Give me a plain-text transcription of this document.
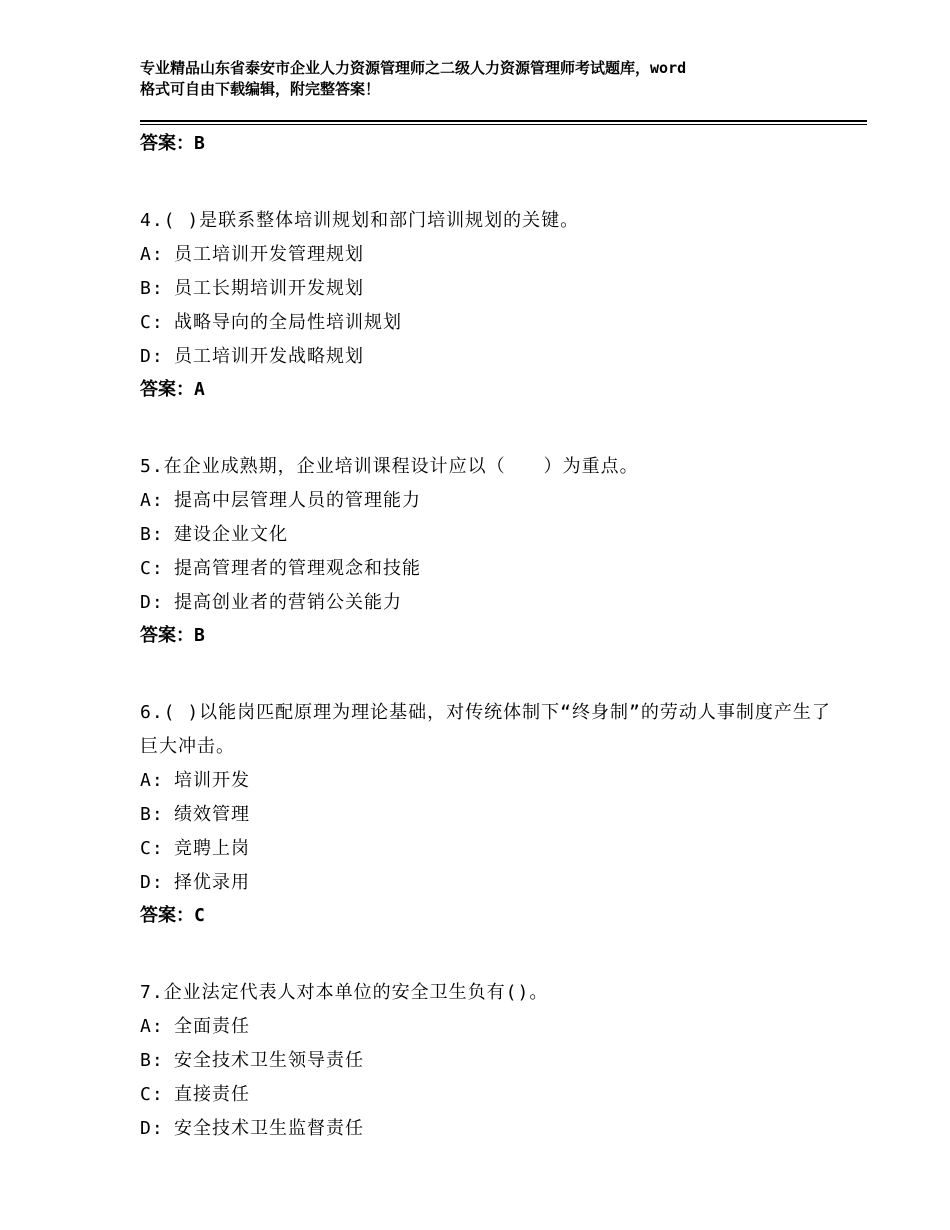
专业精品山东省泰安市企业人力资源管理师之二级人力资源管理师考试题库，word
格式可自由下载编辑，附完整答案！
答案：B
4.( )是联系整体培训规划和部门培训规划的关键。
A: 员工培训开发管理规划
B: 员工长期培训开发规划
C: 战略导向的全局性培训规划
D: 员工培训开发战略规划
答案：A
5.在企业成熟期，企业培训课程设计应以（　　）为重点。
A: 提高中层管理人员的管理能力
B: 建设企业文化
C: 提高管理者的管理观念和技能
D: 提高创业者的营销公关能力
答案：B
6.( )以能岗匹配原理为理论基础，对传统体制下“终身制”的劳动人事制度产生了巨大冲击。
A: 培训开发
B: 绩效管理
C: 竞聘上岗
D: 择优录用
答案：C
7.企业法定代表人对本单位的安全卫生负有()。
A: 全面责任
B: 安全技术卫生领导责任
C: 直接责任
D: 安全技术卫生监督责任
